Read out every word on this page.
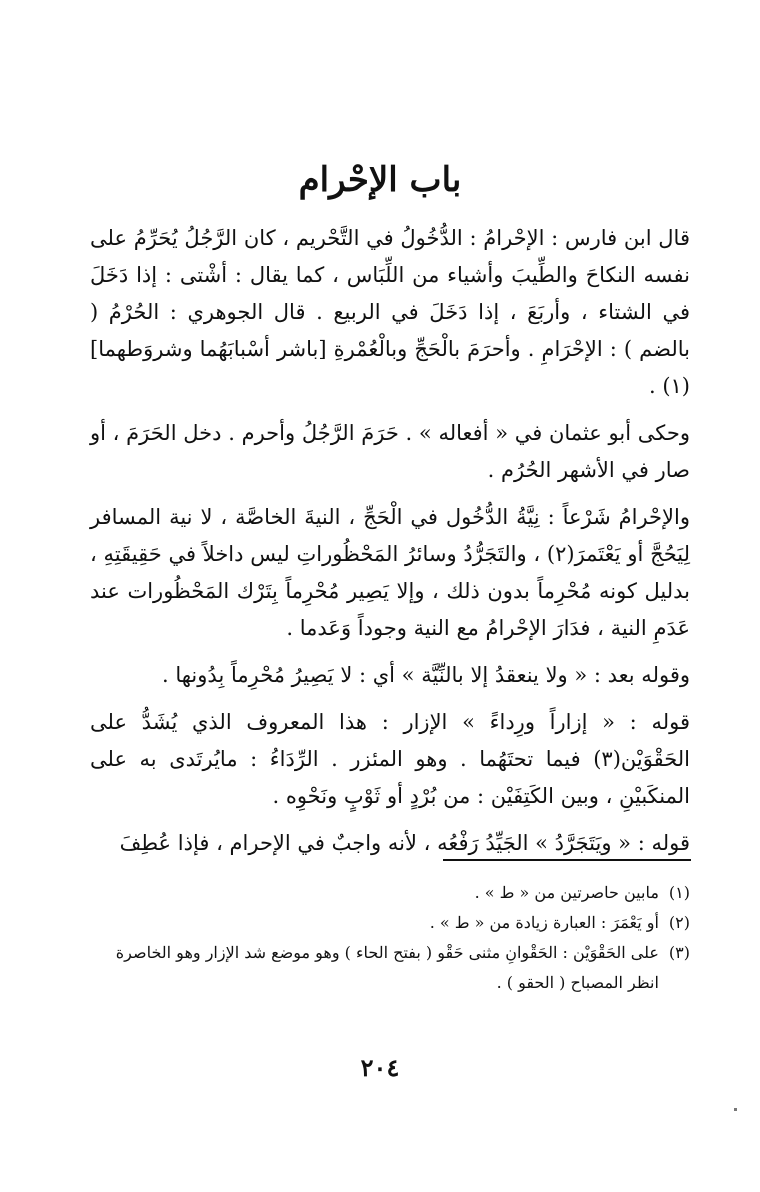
باب الإحْرام

قال ابن فارس : الإحْرامُ : الدُّخُولُ في التَّحْريم ، كان الرَّجُلُ يُحَرِّمُ على نفسه النكاحَ والطِّيبَ وأشياء من اللِّبَاس ، كما يقال : أشْتى : إذا دَخَلَ في الشتاء ، وأربَعَ ، إذا دَخَلَ في الربيع . قال الجوهري : الحُرْمُ ( بالضم ) : الإحْرَامِ . وأحرَمَ بالْحَجِّ وبالْعُمْرةِ [باشر أسْبابَهُما وشروَطهما](١) .

وحكى أبو عثمان في « أفعاله » . حَرَمَ الرَّجُلُ وأحرم . دخل الحَرَمَ ، أو صار في الأشهر الحُرُم .

والإحْرامُ شَرْعاً : نِيَّةُ الدُّخُول في الْحَجِّ ، النيةَ الخاصَّة ، لا نية المسافر لِيَحُجَّ أو يَعْتَمرَ(٢) ، والتَجَرُّدُ وسائرُ المَحْظُوراتِ ليس داخلاً في حَقِيقَتِهِ ، بدليل كونه مُحْرِماً بدون ذلك ، وإلا يَصِير مُحْرِماً بِتَرْك المَحْظُورات عند عَدَمِ النية ، فدَارَ الإحْرامُ مع النية وجوداً وَعَدما .

وقوله بعد : « ولا ينعقدُ إلا بالنِّيَّة » أي : لا يَصِيرُ مُحْرِماً بِدُونها .

قوله : « إزاراً ورِداءً » الإزار : هذا المعروف الذي يُشَدُّ على الحَقْوَيْن(٣) فيما تحتَهُما . وهو المئزر . الرِّدَاءُ : مايُرتَدى به على المنكَبيْنِ ، وبين الكَتِفَيْن : من بُرْدٍ أو ثَوْبٍ ونَحْوِه .

قوله : « ويَتَجَرَّدُ » الجَيِّدُ رَفْعُه ، لأنه واجبٌ في الإحرام ، فإذا عُطِفَ

(١)
مابين حاصرتين من « ط » .
(٢)
أو يَعْمَرَ : العبارة زيادة من « ط » .
(٣)
على الحَقْوَيْن : الحَقْوانِ مثنى حَقْو ( بفتح الحاء ) وهو موضع شد الإزار وهو الخاصرة انظر المصباح ( الحقو ) .
٢٠٤
